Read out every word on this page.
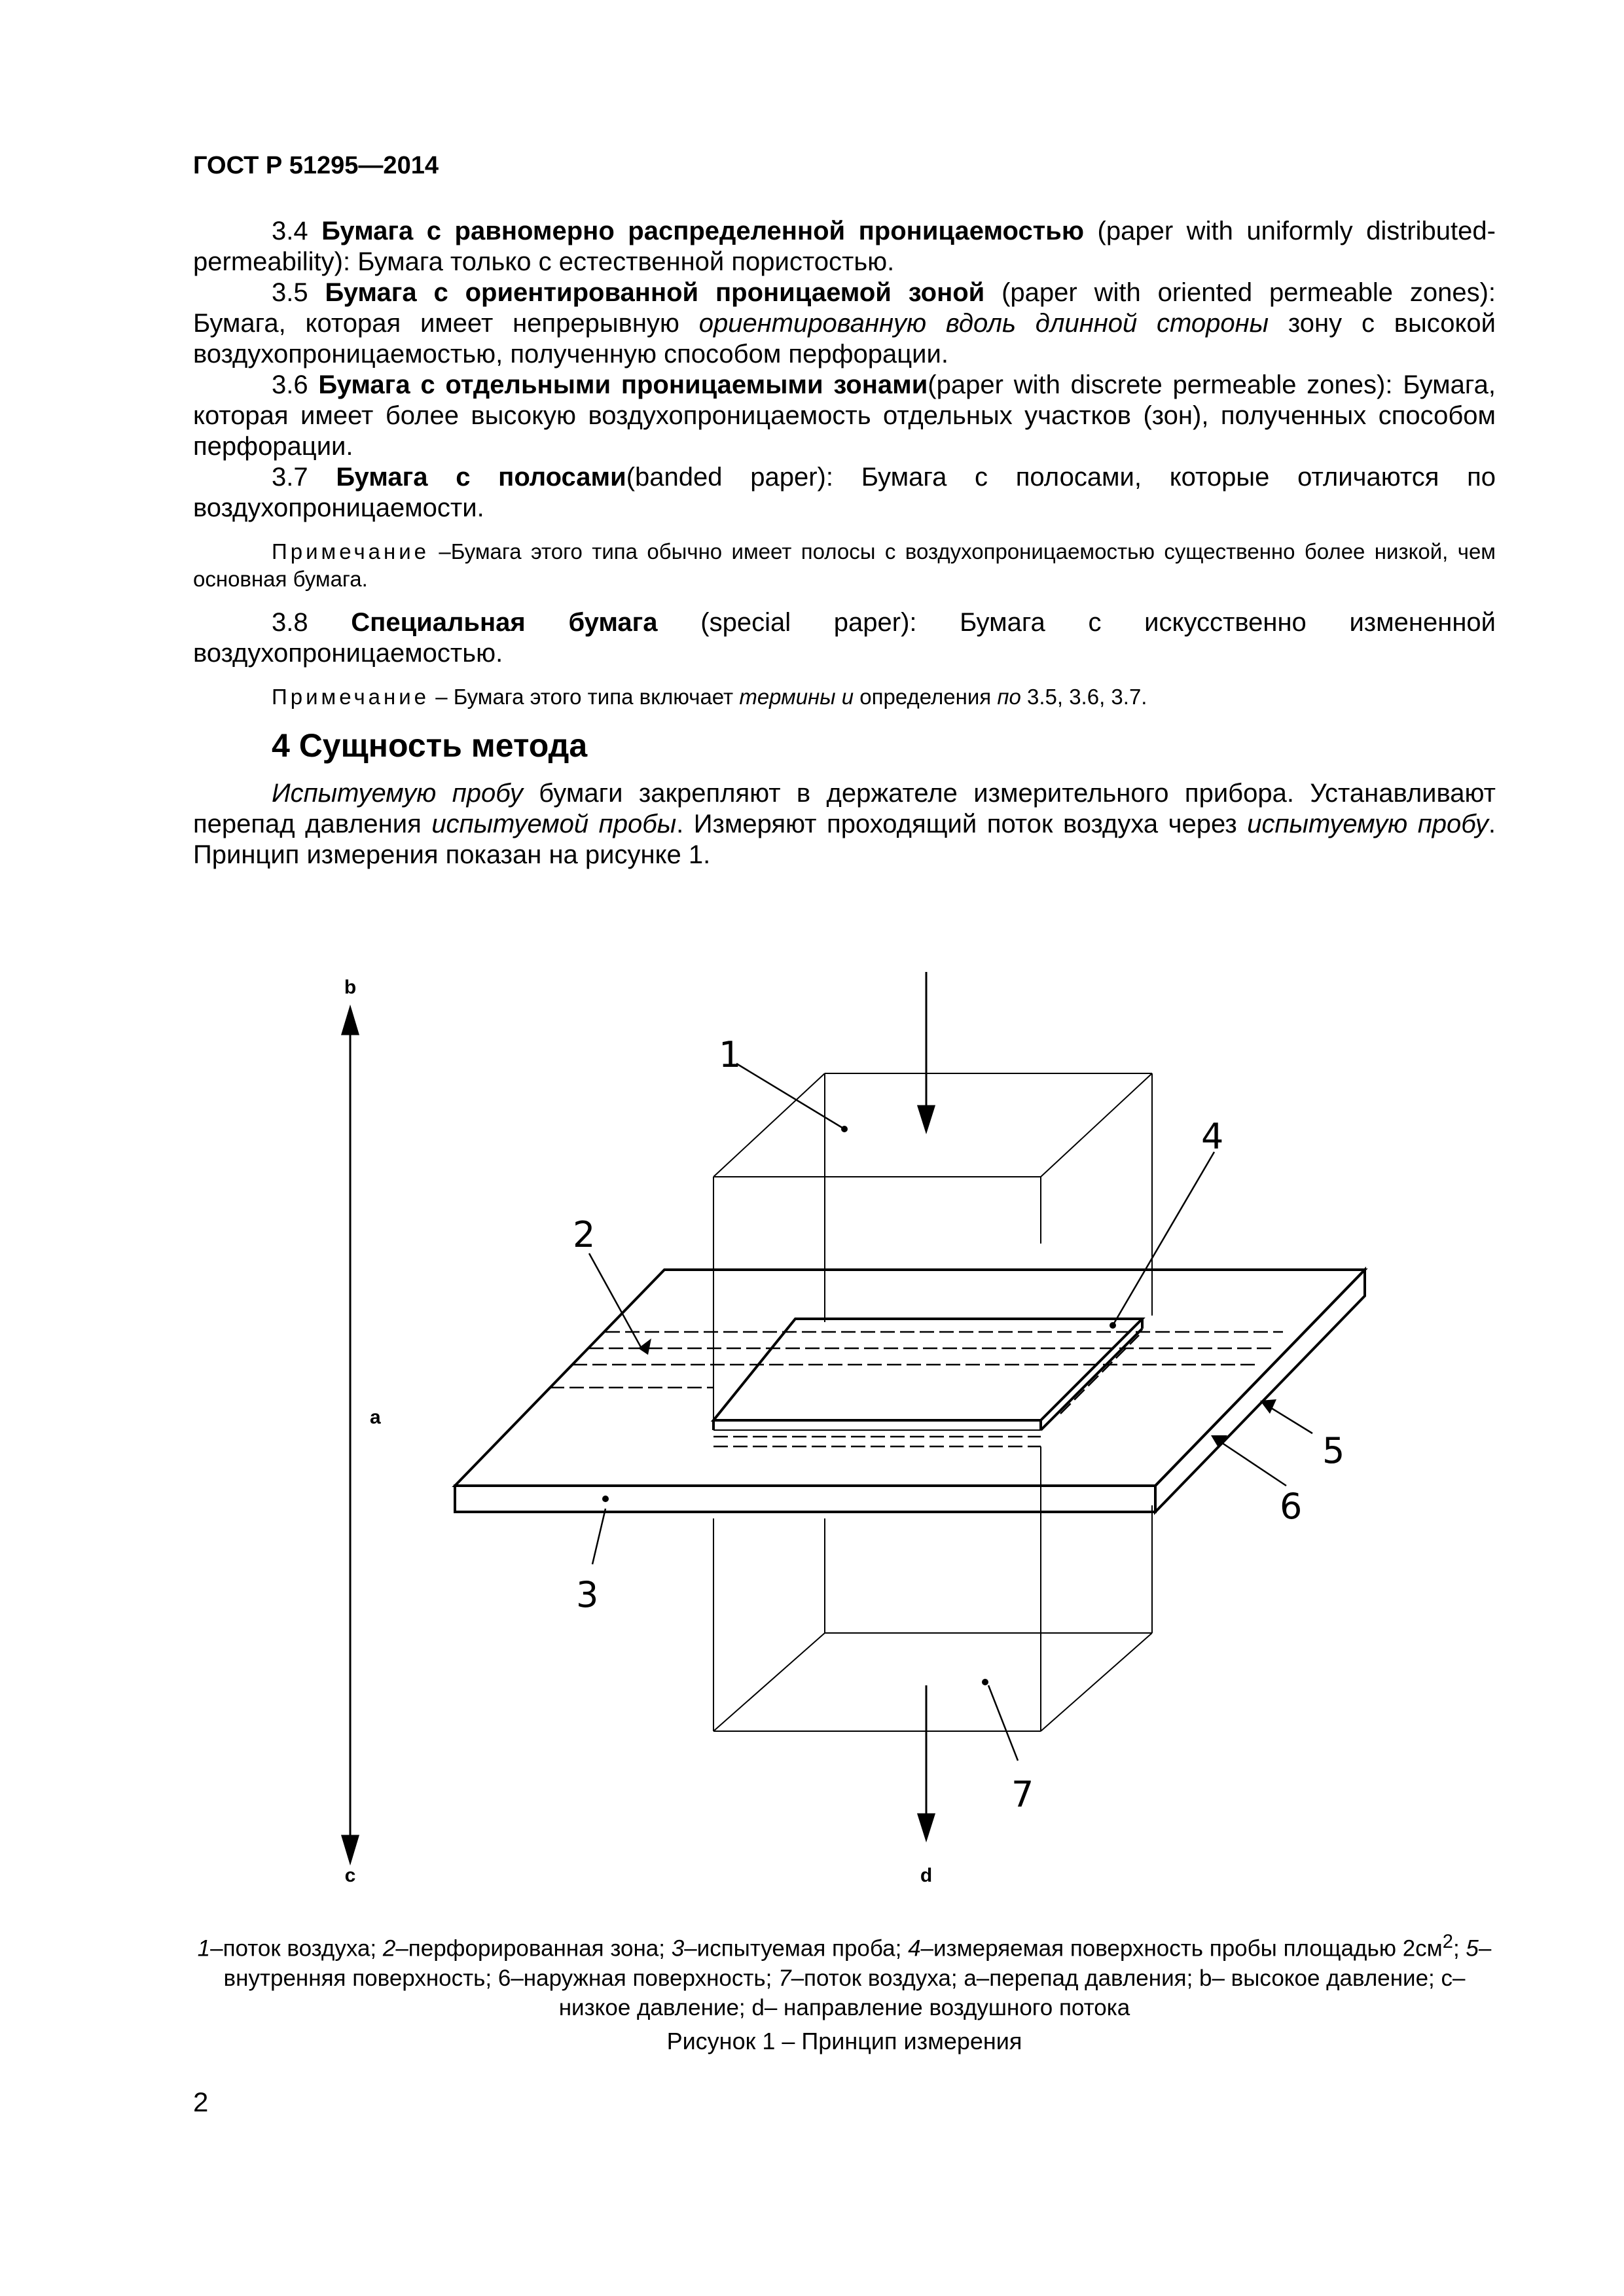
ГОСТ Р 51295—2014

3.4 Бумага с равномерно распределенной проницаемостью (paper with uniformly distributed-permeability): Бумага только с естественной пористостью.

3.5 Бумага с ориентированной проницаемой зоной (paper with oriented permeable zones): Бумага, которая имеет непрерывную ориентированную вдоль длинной стороны зону с высокой воздухопроницаемостью, полученную способом перфорации.

3.6 Бумага с отдельными проницаемыми зонами(paper with discrete permeable zones): Бумага, которая имеет более высокую воздухопроницаемость отдельных участков (зон), полученных способом перфорации.

3.7 Бумага с полосами(banded paper): Бумага с полосами, которые отличаются по воздухопроницаемости.

Примечание –Бумага этого типа обычно имеет полосы с воздухопроницаемостью существенно более низкой, чем основная бумага.

3.8 Специальная бумага (special paper): Бумага с искусственно измененной воздухопроницаемостью.

Примечание – Бумага этого типа включает термины и определения по 3.5, 3.6, 3.7.

4 Сущность метода

Испытуемую пробу бумаги закрепляют в держателе измерительного прибора. Устанавливают перепад давления испытуемой пробы. Измеряют проходящий поток воздуха через испытуемую пробу. Принцип измерения показан на рисунке 1.

b
a
c	d
1
2
3
4
5
6
7
1–поток воздуха; 2–перфорированная зона; 3–испытуемая проба; 4–измеряемая поверхность пробы площадью $2см^2$; 5–внутренняя поверхность; 6–наружная поверхность; 7–поток воздуха; а–перепад давления; b– высокое давление; с– низкое давление; d– направление воздушного потока
Рисунок 1 – Принцип измерения
2
